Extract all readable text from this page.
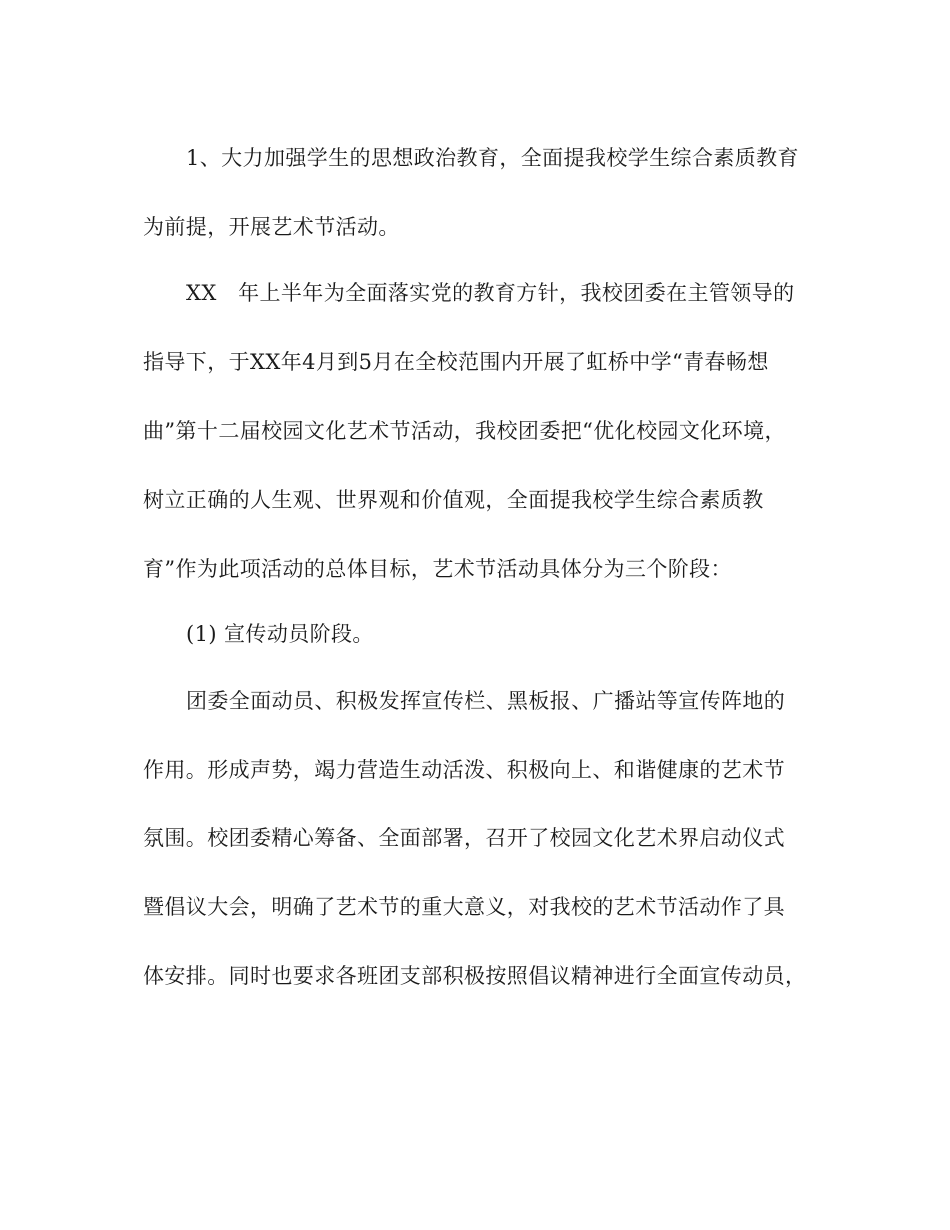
1、大力加强学生的思想政治教育，全面提我校学生综合素质教育
为前提，开展艺术节活动。
XX　年上半年为全面落实党的教育方针，我校团委在主管领导的
指导下，于XX年4月到5月在全校范围内开展了虹桥中学“青春畅想
曲”第十二届校园文化艺术节活动，我校团委把“优化校园文化环境，
树立正确的人生观、世界观和价值观，全面提我校学生综合素质教
育”作为此项活动的总体目标，艺术节活动具体分为三个阶段：
(1) 宣传动员阶段。
团委全面动员、积极发挥宣传栏、黑板报、广播站等宣传阵地的
作用。形成声势，竭力营造生动活泼、积极向上、和谐健康的艺术节
氛围。校团委精心筹备、全面部署，召开了校园文化艺术界启动仪式
暨倡议大会，明确了艺术节的重大意义，对我校的艺术节活动作了具
体安排。同时也要求各班团支部积极按照倡议精神进行全面宣传动员，
